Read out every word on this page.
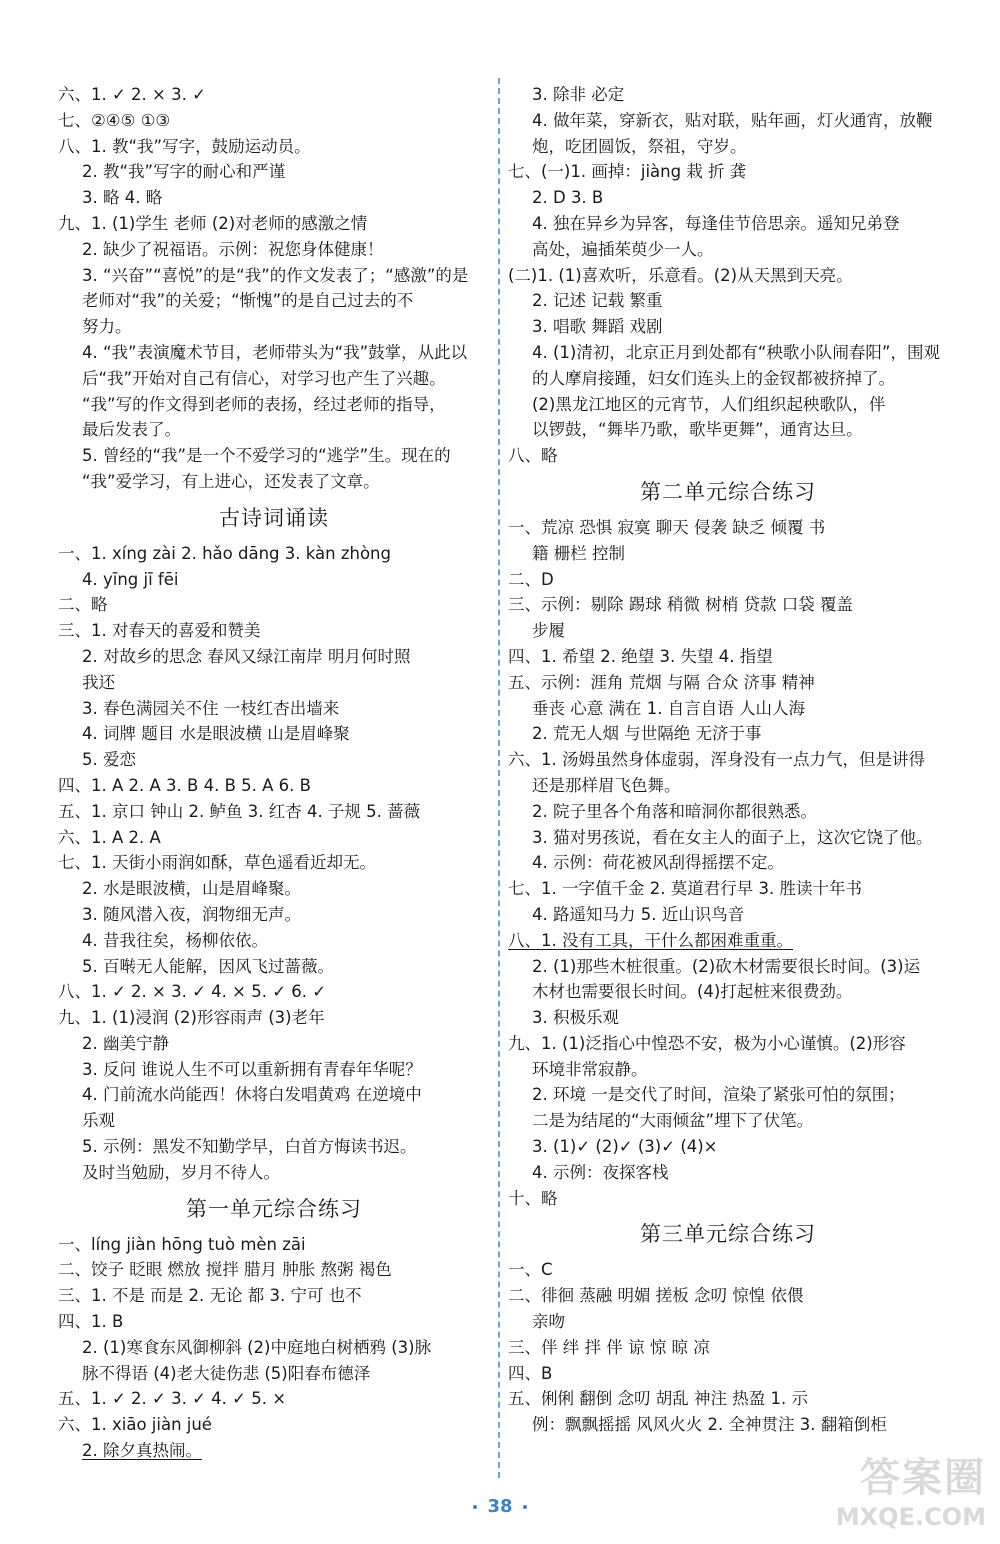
六、1. ✓ 2. × 3. ✓
七、②④⑤ ①③
八、1. 教“我”写字，鼓励运动员。
2. 教“我”写字的耐心和严谨
3. 略 4. 略
九、1. (1)学生 老师 (2)对老师的感激之情
2. 缺少了祝福语。示例：祝您身体健康！
3. “兴奋”“喜悦”的是“我”的作文发表了；“感激”的是
老师对“我”的关爱；“惭愧”的是自己过去的不
努力。
4. “我”表演魔术节目，老师带头为“我”鼓掌，从此以
后“我”开始对自己有信心，对学习也产生了兴趣。
“我”写的作文得到老师的表扬，经过老师的指导，
最后发表了。
5. 曾经的“我”是一个不爱学习的“逃学”生。现在的
“我”爱学习，有上进心，还发表了文章。
古诗词诵读
一、1. xíng zài 2. hǎo dāng 3. kàn zhòng
4. yīng jī fēi
二、略
三、1. 对春天的喜爱和赞美
2. 对故乡的思念 春风又绿江南岸 明月何时照
我还
3. 春色满园关不住 一枝红杏出墙来
4. 词牌 题目 水是眼波横 山是眉峰聚
5. 爱恋
四、1. A 2. A 3. B 4. B 5. A 6. B
五、1. 京口 钟山 2. 鲈鱼 3. 红杏 4. 子规 5. 蔷薇
六、1. A 2. A
七、1. 天街小雨润如酥，草色遥看近却无。
2. 水是眼波横，山是眉峰聚。
3. 随风潜入夜，润物细无声。
4. 昔我往矣，杨柳依依。
5. 百啭无人能解，因风飞过蔷薇。
八、1. ✓ 2. × 3. ✓ 4. × 5. ✓ 6. ✓
九、1. (1)浸润 (2)形容雨声 (3)老年
2. 幽美宁静
3. 反问 谁说人生不可以重新拥有青春年华呢？
4. 门前流水尚能西！休将白发唱黄鸡 在逆境中
乐观
5. 示例：黑发不知勤学早，白首方悔读书迟。
及时当勉励，岁月不待人。
第一单元综合练习
一、líng jiàn hōng tuò mèn zāi
二、饺子 眨眼 燃放 搅拌 腊月 肿胀 熬粥 褐色
三、1. 不是 而是 2. 无论 都 3. 宁可 也不
四、1. B
2. (1)寒食东风御柳斜 (2)中庭地白树栖鸦 (3)脉
脉不得语 (4)老大徒伤悲 (5)阳春布德泽
五、1. ✓ 2. ✓ 3. ✓ 4. ✓ 5. ×
六、1. xiāo jiàn jué
2. 除夕真热闹。
3. 除非 必定
4. 做年菜，穿新衣，贴对联，贴年画，灯火通宵，放鞭
炮，吃团圆饭，祭祖，守岁。
七、(一)1. 画掉：jiàng 栽 折 龚
2. D 3. B
4. 独在异乡为异客，每逢佳节倍思亲。遥知兄弟登
高处，遍插茱萸少一人。
(二)1. (1)喜欢听，乐意看。(2)从天黑到天亮。
2. 记述 记载 繁重
3. 唱歌 舞蹈 戏剧
4. (1)清初，北京正月到处都有“秧歌小队闹春阳”，围观
的人摩肩接踵，妇女们连头上的金钗都被挤掉了。
(2)黑龙江地区的元宵节，人们组织起秧歌队，伴
以锣鼓，“舞毕乃歌，歌毕更舞”，通宵达旦。
八、略
第二单元综合练习
一、荒凉 恐惧 寂寞 聊天 侵袭 缺乏 倾覆 书
籍 栅栏 控制
二、D
三、示例：剔除 踢球 稍微 树梢 贷款 口袋 覆盖
步履
四、1. 希望 2. 绝望 3. 失望 4. 指望
五、示例：涯角 荒烟 与隔 合众 济事 精神
垂丧 心意 满在 1. 自言自语 人山人海
2. 荒无人烟 与世隔绝 无济于事
六、1. 汤姆虽然身体虚弱，浑身没有一点力气，但是讲得
还是那样眉飞色舞。
2. 院子里各个角落和暗洞你都很熟悉。
3. 猫对男孩说，看在女主人的面子上，这次它饶了他。
4. 示例：荷花被风刮得摇摆不定。
七、1. 一字值千金 2. 莫道君行早 3. 胜读十年书
4. 路遥知马力 5. 近山识鸟音
八、1. 没有工具，干什么都困难重重。
2. (1)那些木桩很重。(2)砍木材需要很长时间。(3)运
木材也需要很长时间。(4)打起桩来很费劲。
3. 积极乐观
九、1. (1)泛指心中惶恐不安，极为小心谨慎。(2)形容
环境非常寂静。
2. 环境 一是交代了时间，渲染了紧张可怕的氛围；
二是为结尾的“大雨倾盆”埋下了伏笔。
3. (1)✓ (2)✓ (3)✓ (4)×
4. 示例：夜探客栈
十、略
第三单元综合练习
一、C
二、徘徊 蒸融 明媚 搓板 念叨 惊惶 依偎
亲吻
三、伴 绊 拌 伴 谅 惊 晾 凉
四、B
五、俐俐 翻倒 念叨 胡乱 神注 热盈 1. 示
例：飘飘摇摇 风风火火 2. 全神贯注 3. 翻箱倒柜
38
答案圈
MXQE.COM
